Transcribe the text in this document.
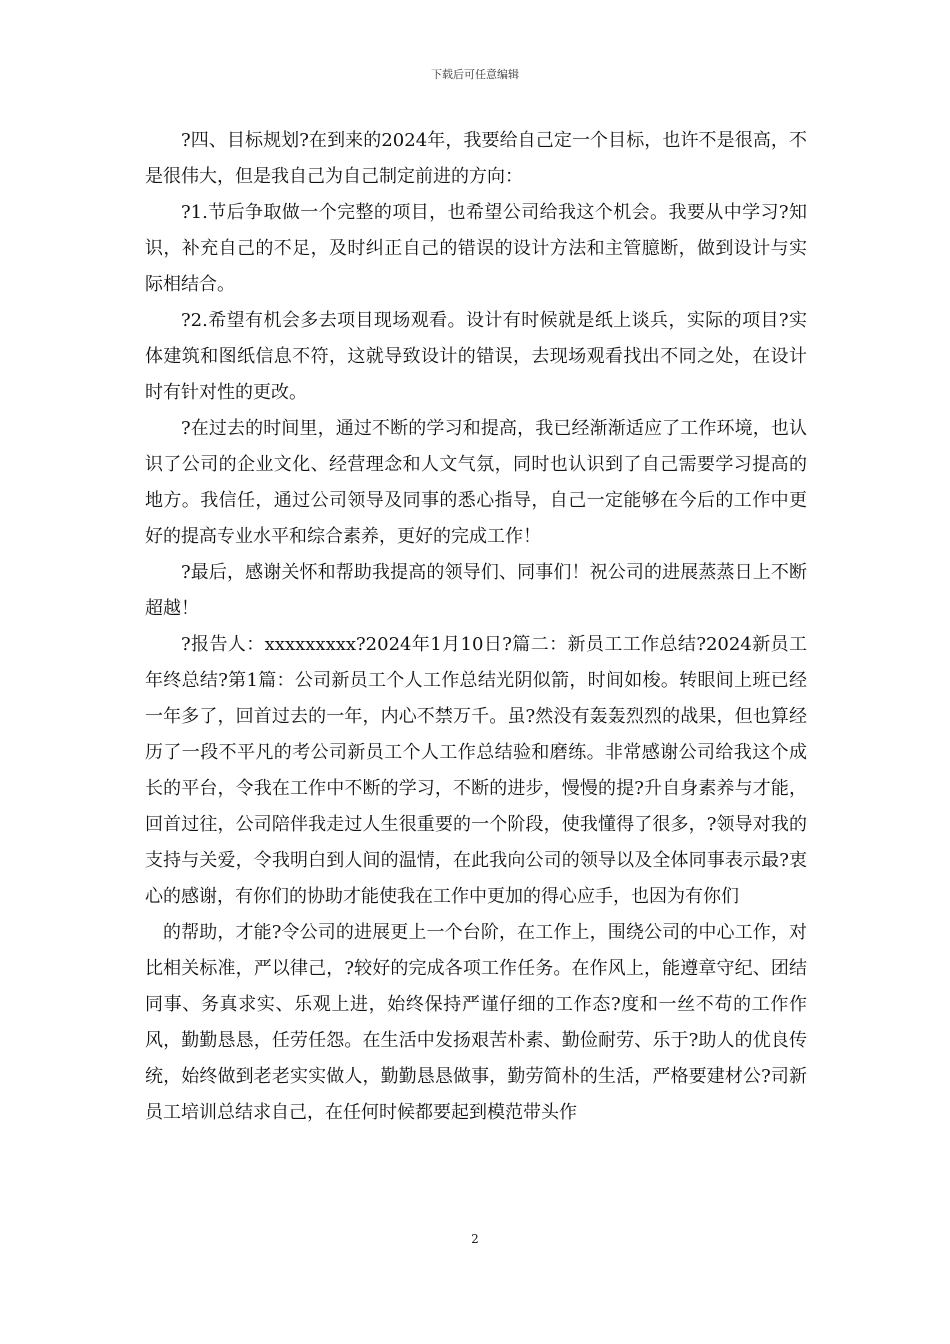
下载后可任意编辑

?四、目标规划?在到来的2024年，我要给自己定一个目标，也许不是很高，不是很伟大，但是我自己为自己制定前进的方向：

?1.节后争取做一个完整的项目，也希望公司给我这个机会。我要从中学习?知识，补充自己的不足，及时纠正自己的错误的设计方法和主管臆断，做到设计与实际相结合。

?2.希望有机会多去项目现场观看。设计有时候就是纸上谈兵，实际的项目?实体建筑和图纸信息不符，这就导致设计的错误，去现场观看找出不同之处，在设计时有针对性的更改。

?在过去的时间里，通过不断的学习和提高，我已经渐渐适应了工作环境，也认识了公司的企业文化、经营理念和人文气氛，同时也认识到了自己需要学习提高的地方。我信任，通过公司领导及同事的悉心指导，自己一定能够在今后的工作中更好的提高专业水平和综合素养，更好的完成工作！

?最后，感谢关怀和帮助我提高的领导们、同事们！祝公司的进展蒸蒸日上不断超越！

?报告人：xxxxxxxxx?2024年1月10日?篇二：新员工工作总结?2024新员工年终总结?第1篇：公司新员工个人工作总结光阴似箭，时间如梭。转眼间上班已经一年多了，回首过去的一年，内心不禁万千。虽?然没有轰轰烈烈的战果，但也算经历了一段不平凡的考公司新员工个人工作总结验和磨练。非常感谢公司给我这个成长的平台，令我在工作中不断的学习，不断的进步，慢慢的提?升自身素养与才能，回首过往，公司陪伴我走过人生很重要的一个阶段，使我懂得了很多，?领导对我的支持与关爱，令我明白到人间的温情，在此我向公司的领导以及全体同事表示最?衷心的感谢，有你们的协助才能使我在工作中更加的得心应手，也因为有你们

的帮助，才能?令公司的进展更上一个台阶，在工作上，围绕公司的中心工作，对比相关标准，严以律己，?较好的完成各项工作任务。在作风上，能遵章守纪、团结同事、务真求实、乐观上进，始终保持严谨仔细的工作态?度和一丝不苟的工作作风，勤勤恳恳，任劳任怨。在生活中发扬艰苦朴素、勤俭耐劳、乐于?助人的优良传统，始终做到老老实实做人，勤勤恳恳做事，勤劳简朴的生活，严格要建材公?司新员工培训总结求自己，在任何时候都要起到模范带头作

2
